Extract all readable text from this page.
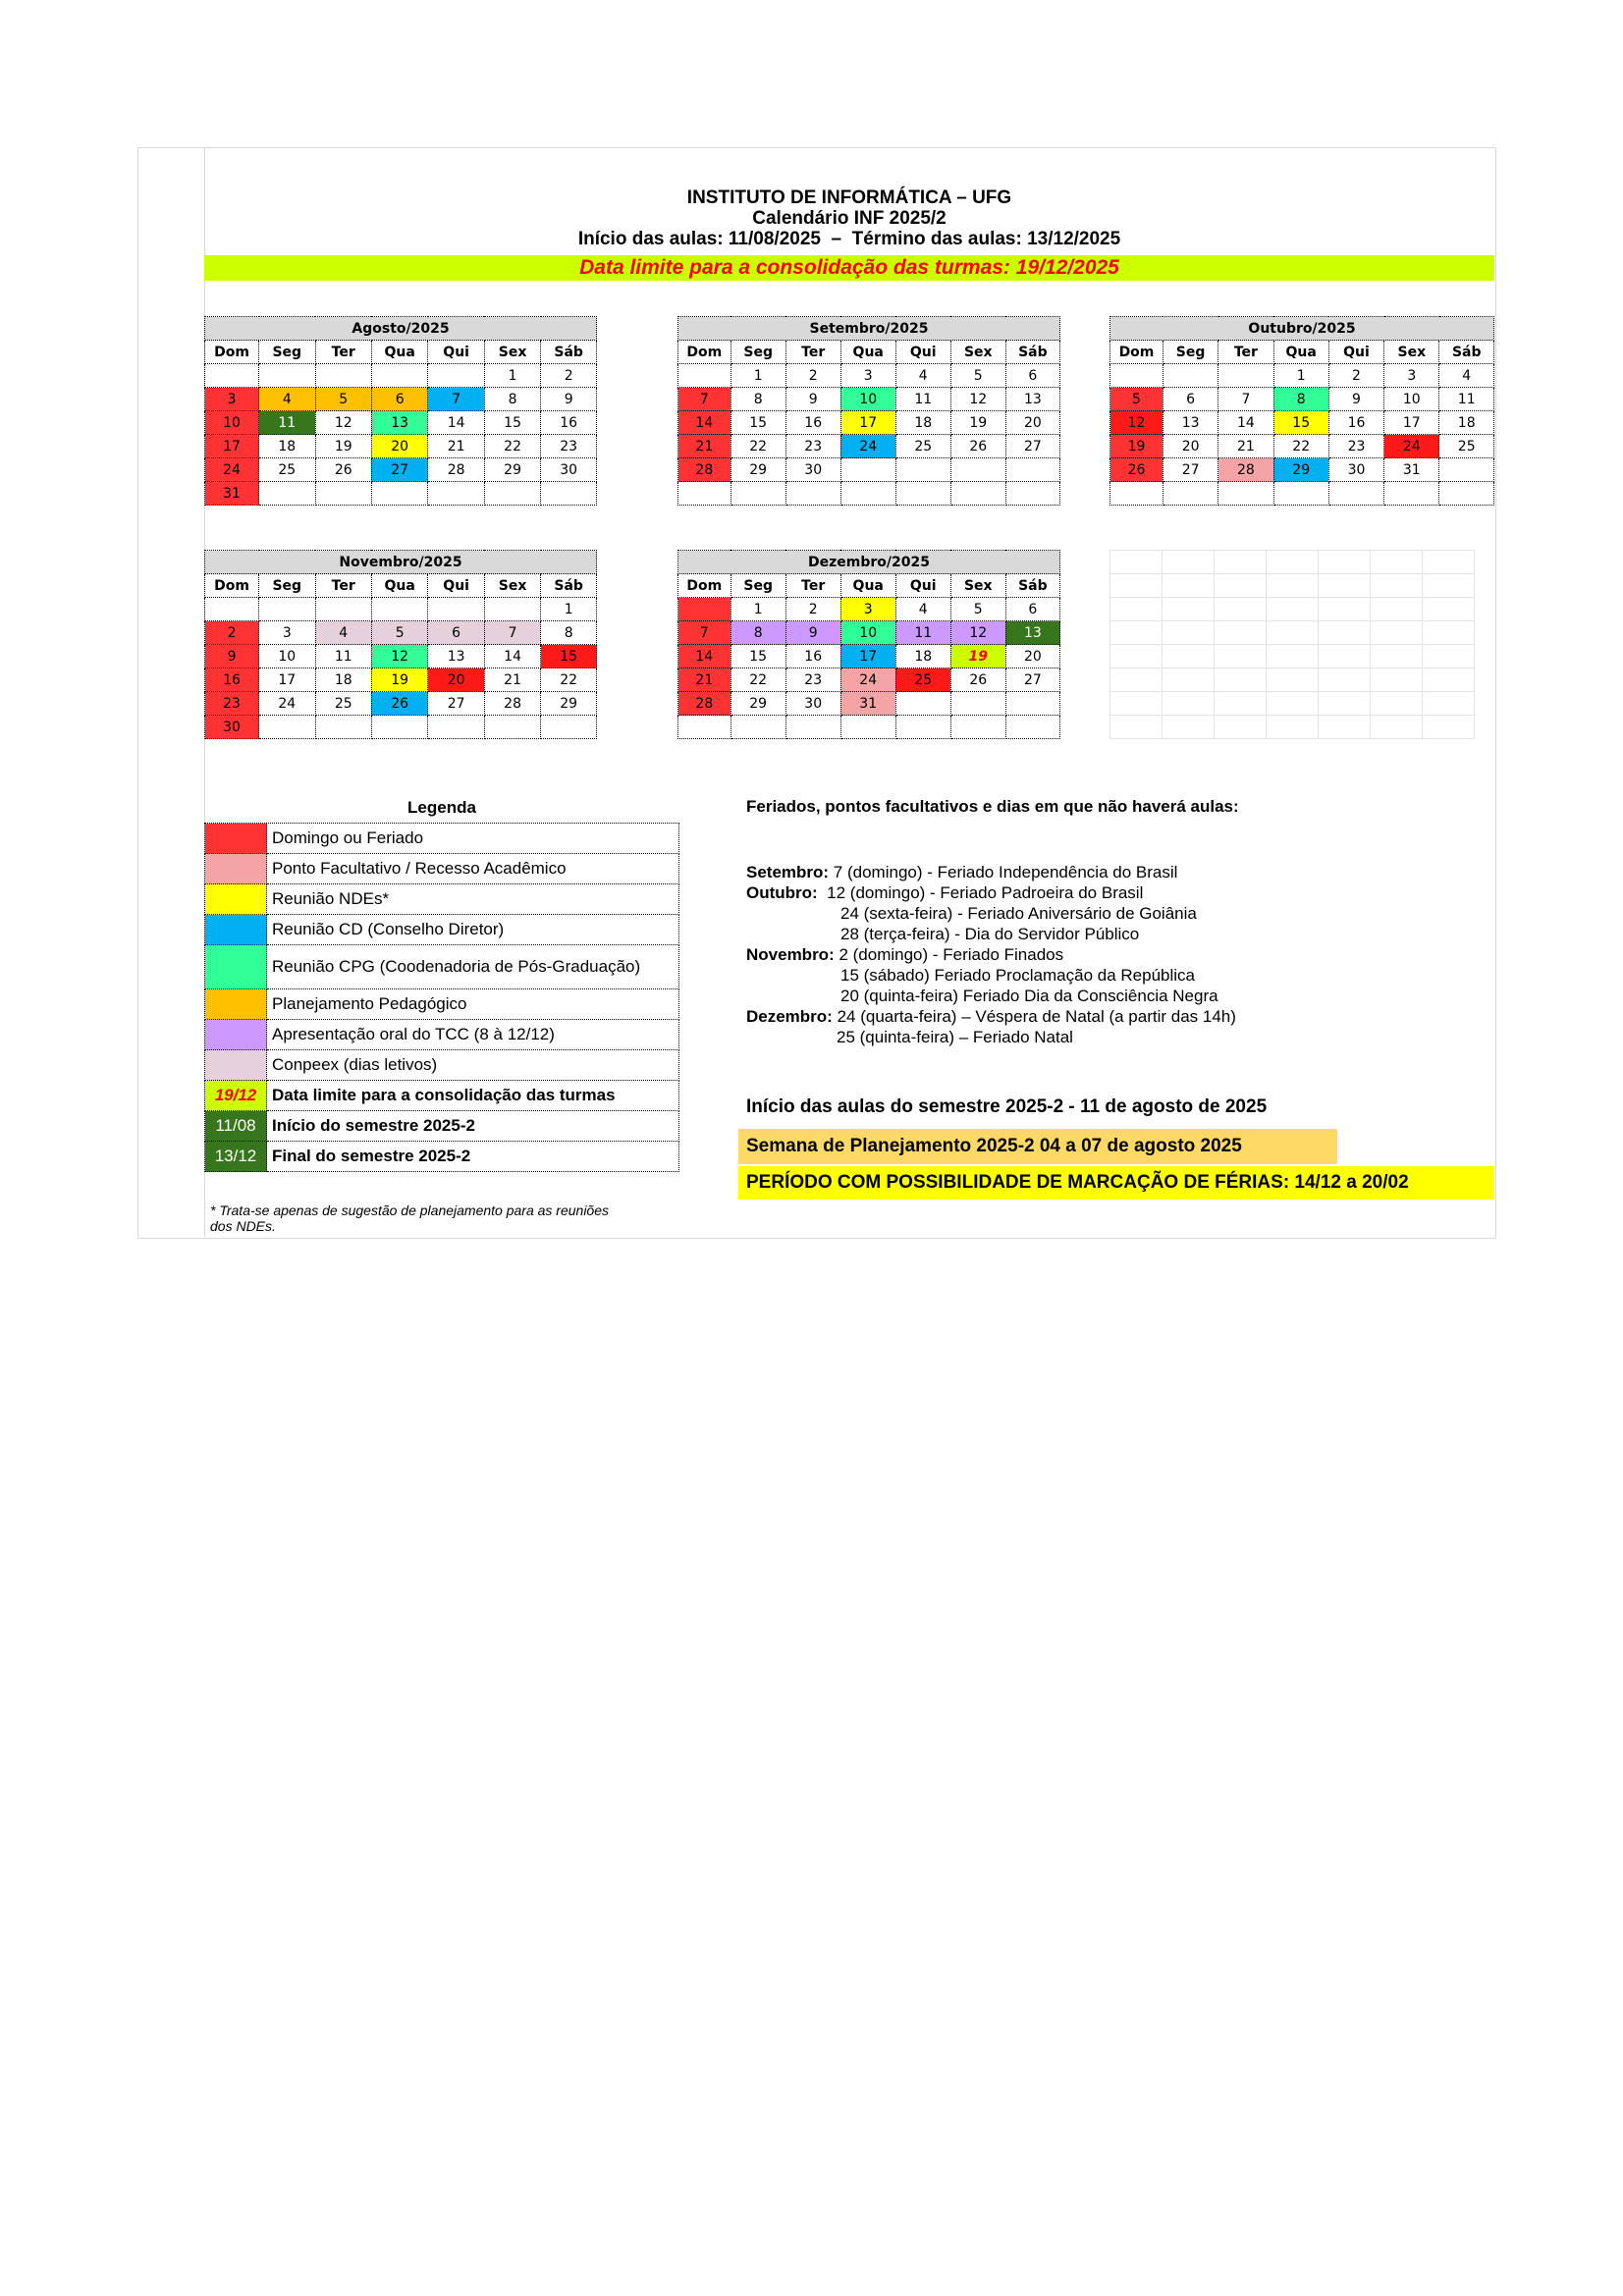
INSTITUTO DE INFORMÁTICA – UFG
Calendário INF 2025/2
Início das aulas: 11/08/2025  –  Término das aulas: 13/12/2025
Data limite para a consolidação das turmas: 19/12/2025
Agosto/2025						
Dom	Seg	Ter	Qua	Qui	Sex	Sáb
					1	2
3	4	5	6	7	8	9
10	11	12	13	14	15	16
17	18	19	20	21	22	23
24	25	26	27	28	29	30
31						
Setembro/2025						
Dom	Seg	Ter	Qua	Qui	Sex	Sáb
	1	2	3	4	5	6
7	8	9	10	11	12	13
14	15	16	17	18	19	20
21	22	23	24	25	26	27
28	29	30				

Outubro/2025						
Dom	Seg	Ter	Qua	Qui	Sex	Sáb
			1	2	3	4
5	6	7	8	9	10	11
12	13	14	15	16	17	18
19	20	21	22	23	24	25
26	27	28	29	30	31	

Novembro/2025						
Dom	Seg	Ter	Qua	Qui	Sex	Sáb
						1
2	3	4	5	6	7	8
9	10	11	12	13	14	15
16	17	18	19	20	21	22
23	24	25	26	27	28	29
30						
Dezembro/2025						
Dom	Seg	Ter	Qua	Qui	Sex	Sáb
	1	2	3	4	5	6
7	8	9	10	11	12	13
14	15	16	17	18	19	20
21	22	23	24	25	26	27
28	29	30	31			

Legenda	
	Domingo ou Feriado
	Ponto Facultativo / Recesso Acadêmico
	Reunião NDEs*
	Reunião CD (Conselho Diretor)
	Reunião CPG (Coodenadoria de Pós-Graduação)
	Planejamento Pedagógico
	Apresentação oral do TCC (8 à 12/12)
	Conpeex (dias letivos)
19/12	Data limite para a consolidação das turmas
11/08	Início do semestre 2025-2
13/12	Final do semestre 2025-2
* Trata-se apenas de sugestão de planejamento para as reuniões dos NDEs.
Feriados, pontos facultativos e dias em que não haverá aulas:
Setembro: 7 (domingo) - Feriado Independência do Brasil
Outubro:  12 (domingo) - Feriado Padroeira do Brasil
24 (sexta-feira) - Feriado Aniversário de Goiânia
28 (terça-feira) - Dia do Servidor Público
Novembro: 2 (domingo) - Feriado Finados
15 (sábado) Feriado Proclamação da República
20 (quinta-feira) Feriado Dia da Consciência Negra
Dezembro: 24 (quarta-feira) – Véspera de Natal (a partir das 14h)
25 (quinta-feira) – Feriado Natal
Início das aulas do semestre 2025-2 - 11 de agosto de 2025
Semana de Planejamento 2025-2 04 a 07 de agosto 2025
PERÍODO COM POSSIBILIDADE DE MARCAÇÃO DE FÉRIAS: 14/12 a 20/02
